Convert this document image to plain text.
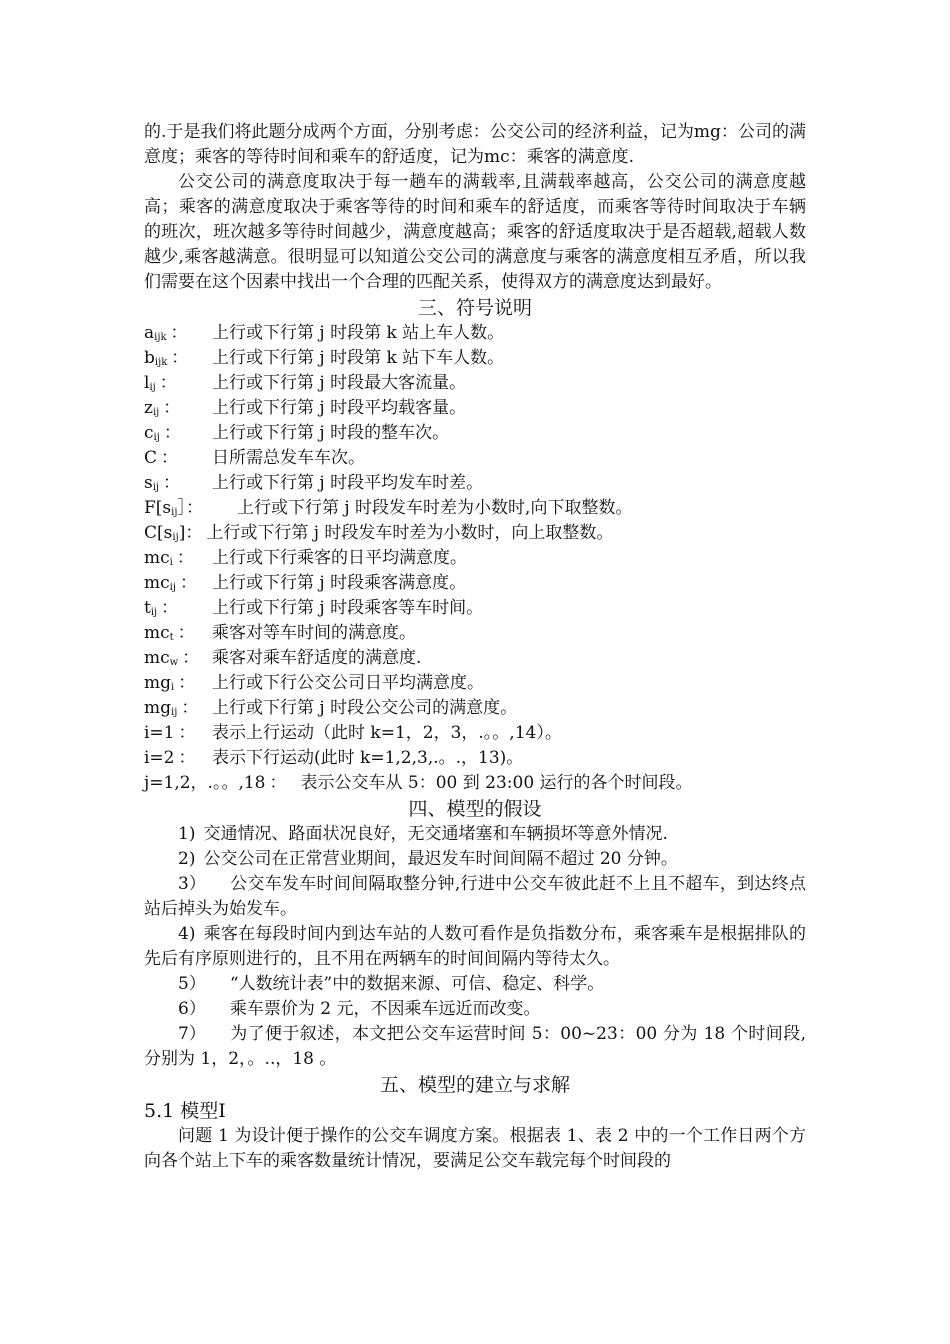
的.于是我们将此题分成两个方面，分别考虑：公交公司的经济利益，记为mg：公司的满意度；乘客的等待时间和乘车的舒适度，记为mc：乘客的满意度.

公交公司的满意度取决于每一趟车的满载率,且满载率越高，公交公司的满意度越高；乘客的满意度取决于乘客等待的时间和乘车的舒适度，而乘客等待时间取决于车辆的班次，班次越多等待时间越少，满意度越高；乘客的舒适度取决于是否超载,超载人数越少,乘客越满意。很明显可以知道公交公司的满意度与乘客的满意度相互矛盾，所以我们需要在这个因素中找出一个合理的匹配关系，使得双方的满意度达到最好。

三、符号说明

$a_{ijk}$ ：	上行或下行第 j 时段第 k 站上车人数。
$b_{ijk}$ ：	上行或下行第 j 时段第 k 站下车人数。
$l_{ij}$ ：	上行或下行第 j 时段最大客流量。
$z_{ij}$ ：	上行或下行第 j 时段平均载客量。
$c_{ij}$ ：	上行或下行第 j 时段的整车次。
C ：	日所需总发车车次。
$s_{ij}$ ：	上行或下行第 j 时段平均发车时差。
$F[s_{ij}]$： 上行或下行第 j 时段发车时差为小数时,向下取整数。
$C[s_{ij}]$： 上行或下行第 j 时段发车时差为小数时，向上取整数。
$mc_i$ ：	上行或下行乘客的日平均满意度。
$mc_{ij}$ ： 上行或下行第 j 时段乘客满意度。
$t_{ij}$ ：	上行或下行第 j 时段乘客等车时间。
$mc_t$ ：	乘客对等车时间的满意度。
$mc_w$ ： 乘客对乘车舒适度的满意度.
$mg_i$ ： 上行或下行公交公司日平均满意度。
$mg_{ij}$ ： 上行或下行第 j 时段公交公司的满意度。
i=1 ： 表示上行运动（此时 k=1，2，3，.。。,14）。
i=2 ： 表示下行运动(此时 k=1,2,3,.。.，13)。
j=1,2，.。。,18 ： 表示公交车从 5：00 到 23:00 运行的各个时间段。

四、模型的假设

1) 交通情况、路面状况良好，无交通堵塞和车辆损坏等意外情况.

2) 公交公司在正常营业期间，最迟发车时间间隔不超过 20 分钟。

3） 公交车发车时间间隔取整分钟,行进中公交车彼此赶不上且不超车，到达终点站后掉头为始发车。

4) 乘客在每段时间内到达车站的人数可看作是负指数分布，乘客乘车是根据排队的先后有序原则进行的，且不用在两辆车的时间间隔内等待太久。

5） “人数统计表”中的数据来源、可信、稳定、科学。

6） 乘车票价为 2 元，不因乘车远近而改变。

7） 为了便于叙述，本文把公交车运营时间 5：00~23：00 分为 18 个时间段,分别为 1，2，。..，18 。

五、模型的建立与求解

5.1 模型Ⅰ

问题 1 为设计便于操作的公交车调度方案。根据表 1、表 2 中的一个工作日两个方向各个站上下车的乘客数量统计情况，要满足公交车载完每个时间段的
